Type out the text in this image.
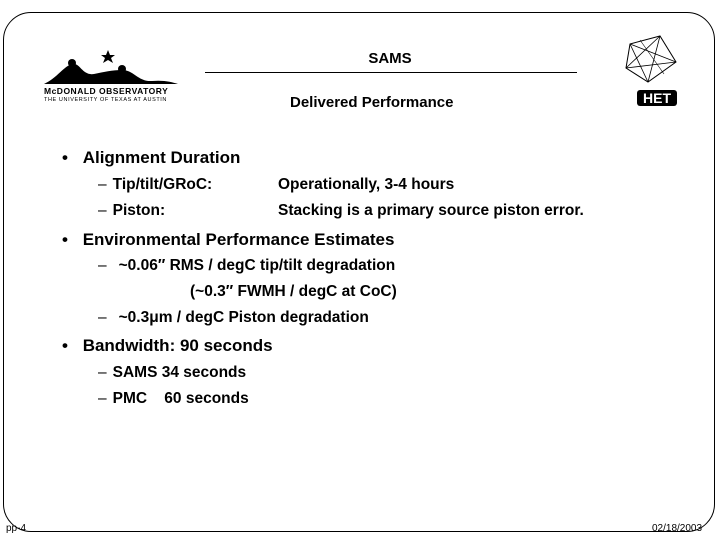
McDONALD OBSERVATORY
THE UNIVERSITY OF TEXAS AT AUSTIN	HET
SAMS
Delivered Performance
• Alignment Duration
– Tip/tilt/GRoC:	Operationally, 3-4 hours
– Piston:	Stacking is a primary source piston error.
• Environmental Performance Estimates
– ~0.06″ RMS / degC tip/tilt degradation
(~0.3″ FWMH / degC at CoC)
– ~0.3μm / degC Piston degradation
• Bandwidth: 90 seconds
– SAMS 34 seconds
– PMC    60 seconds
pp-4	02/18/2003
